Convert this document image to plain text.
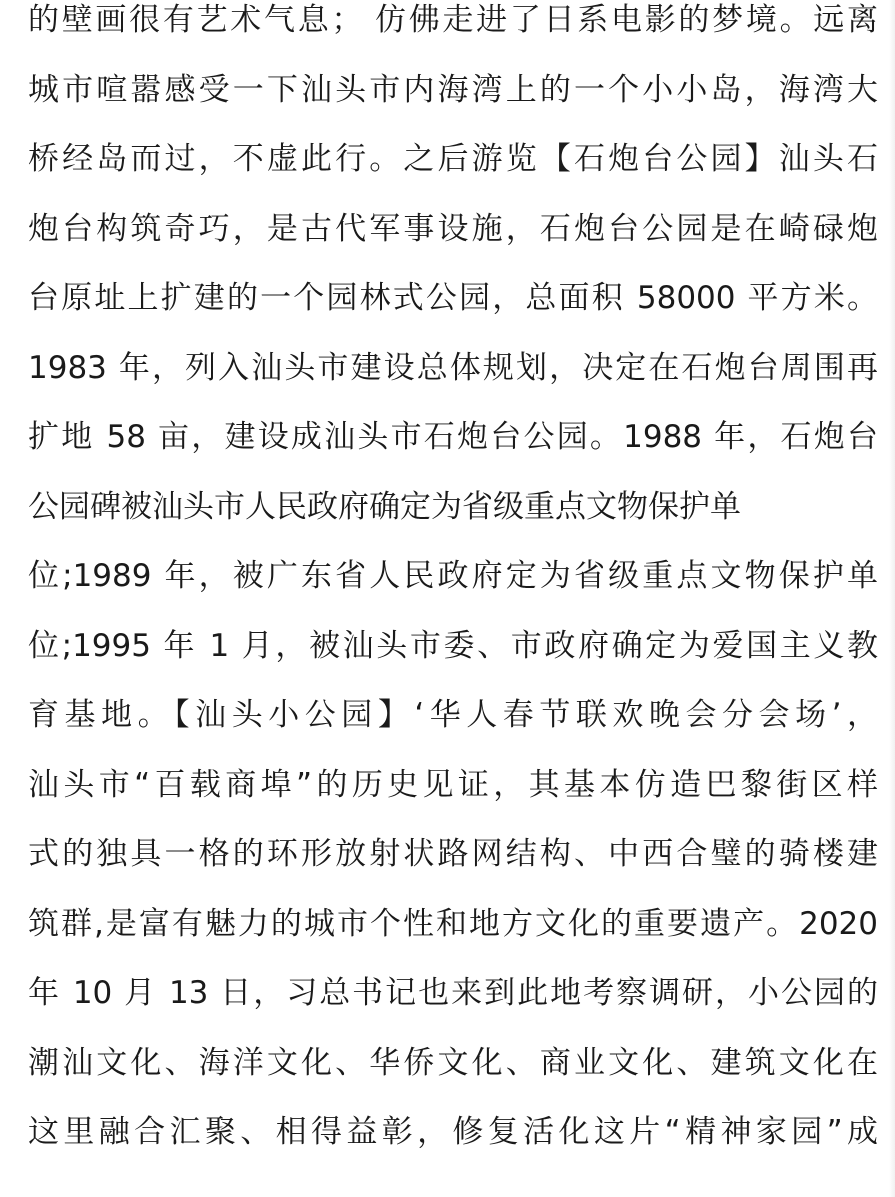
的壁画很有艺术气息； 仿佛走进了日系电影的梦境。远离
城市喧嚣感受一下汕头市内海湾上的一个小小岛，海湾大
桥经岛而过，不虚此行。之后游览【石炮台公园】汕头石
炮台构筑奇巧，是古代军事设施，石炮台公园是在崎碌炮
台原址上扩建的一个园林式公园，总面积 58000 平方米。
1983 年，列入汕头市建设总体规划，决定在石炮台周围再
扩地 58 亩，建设成汕头市石炮台公园。1988 年，石炮台
公园碑被汕头市人民政府确定为省级重点文物保护单
位;1989 年，被广东省人民政府定为省级重点文物保护单
位;1995 年 1 月，被汕头市委、市政府确定为爱国主义教
育基地。【汕头小公园】‘华人春节联欢晚会分会场’，
汕头市“百载商埠”的历史见证，其基本仿造巴黎街区样
式的独具一格的环形放射状路网结构、中西合璧的骑楼建
筑群,是富有魅力的城市个性和地方文化的重要遗产。2020
年 10 月 13 日，习总书记也来到此地考察调研，小公园的
潮汕文化、海洋文化、华侨文化、商业文化、建筑文化在
这里融合汇聚、相得益彰，修复活化这片“精神家园”成
